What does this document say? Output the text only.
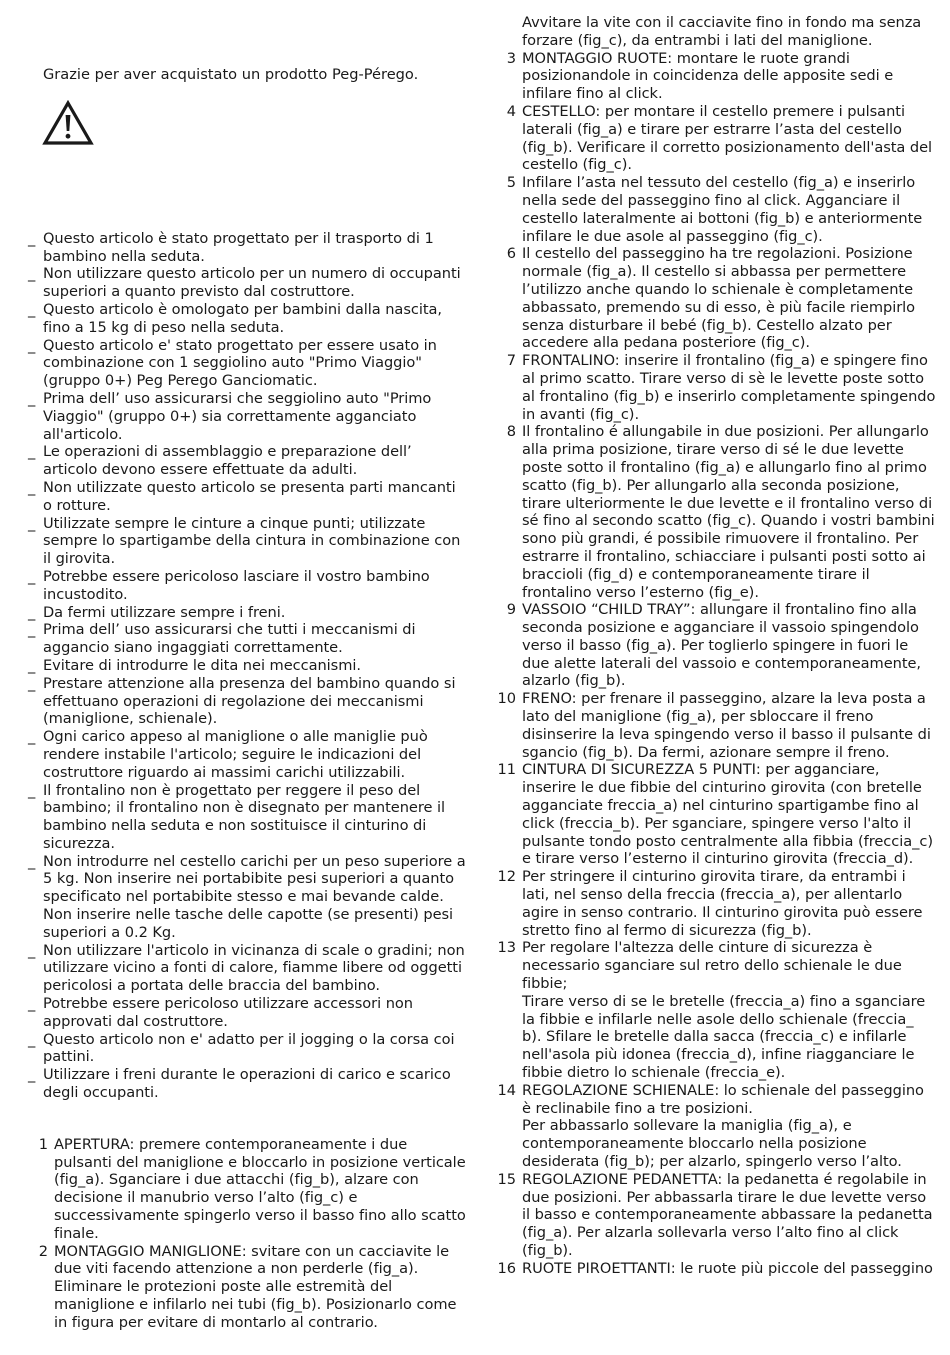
Grazie per aver acquistato un prodotto Peg-Pérego.

_ Questo articolo è stato progettato per il trasporto di 1 bambino nella seduta.
_ Non utilizzare questo articolo per un numero di occupanti superiori a quanto previsto dal costruttore.
_ Questo articolo è omologato per bambini dalla nascita, fino a 15 kg di peso nella seduta.
_ Questo articolo e' stato progettato per essere usato in combinazione con 1 seggiolino auto "Primo Viaggio" (gruppo 0+) Peg Perego Ganciomatic.
_ Prima dell’ uso assicurarsi che seggiolino auto "Primo Viaggio" (gruppo 0+) sia correttamente agganciato all'articolo.
_ Le operazioni di assemblaggio e preparazione dell’ articolo devono essere effettuate da adulti.
_ Non utilizzate questo articolo se presenta parti mancanti o rotture.
_ Utilizzate sempre le cinture a cinque punti; utilizzate sempre lo spartigambe della cintura in combinazione con il girovita.
_ Potrebbe essere pericoloso lasciare il vostro bambino incustodito.
_ Da fermi utilizzare sempre i freni.
_ Prima dell’ uso assicurarsi che tutti i meccanismi di aggancio siano ingaggiati correttamente.
_ Evitare di introdurre le dita nei meccanismi.
_ Prestare attenzione alla presenza del bambino quando si effettuano operazioni di regolazione dei meccanismi (maniglione, schienale).
_ Ogni carico appeso al maniglione o alle maniglie può rendere instabile l'articolo; seguire le indicazioni del costruttore riguardo ai massimi carichi utilizzabili.
_ Il frontalino non è progettato per reggere il peso del bambino; il frontalino non è disegnato per mantenere il bambino nella seduta e non sostituisce il cinturino di sicurezza.
_ Non introdurre nel cestello carichi per un peso superiore a 5 kg. Non inserire nei portabibite pesi superiori a quanto specificato nel portabibite stesso e mai bevande calde. Non inserire nelle tasche delle capotte (se presenti) pesi superiori a 0.2 Kg.
_ Non utilizzare l'articolo in vicinanza di scale o gradini; non utilizzare vicino a fonti di calore, fiamme libere od oggetti pericolosi a portata delle braccia del bambino.
_ Potrebbe essere pericoloso utilizzare accessori non approvati dal costruttore.
_ Questo articolo non e' adatto per il jogging o la corsa coi pattini.
_ Utilizzare i freni durante le operazioni di carico e scarico degli occupanti.
1 APERTURA: premere contemporaneamente i due pulsanti del maniglione e bloccarlo in posizione verticale (fig_a). Sganciare i due attacchi (fig_b), alzare con decisione il manubrio verso l’alto (fig_c) e successivamente spingerlo verso il basso fino allo scatto finale.
2 MONTAGGIO MANIGLIONE: svitare con un cacciavite le due viti facendo attenzione a non perderle (fig_a). Eliminare le protezioni poste alle estremità del maniglione e infilarlo nei tubi (fig_b). Posizionarlo come in figura per evitare di montarlo al contrario.
Avvitare la vite con il cacciavite fino in fondo ma senza forzare (fig_c), da entrambi i lati del maniglione.
3 MONTAGGIO RUOTE: montare le ruote grandi posizionandole in coincidenza delle apposite sedi e infilare fino al click.
4 CESTELLO: per montare il cestello premere i pulsanti laterali (fig_a) e tirare per estrarre l’asta del cestello (fig_b). Verificare il corretto posizionamento dell'asta del cestello (fig_c).
5 Infilare l’asta nel tessuto del cestello (fig_a) e inserirlo nella sede del passeggino fino al click. Agganciare il cestello lateralmente ai bottoni (fig_b) e anteriormente infilare le due asole al passeggino (fig_c).
6 Il cestello del passeggino ha tre regolazioni. Posizione normale (fig_a). Il cestello si abbassa per permettere l’utilizzo anche quando lo schienale è completamente abbassato, premendo su di esso, è più facile riempirlo senza disturbare il bebé (fig_b). Cestello alzato per accedere alla pedana posteriore (fig_c).
7 FRONTALINO: inserire il frontalino (fig_a) e spingere fino al primo scatto. Tirare verso di sè le levette poste sotto al frontalino (fig_b) e inserirlo completamente spingendo in avanti (fig_c).
8 Il frontalino é allungabile in due posizioni. Per allungarlo alla prima posizione, tirare verso di sé le due levette poste sotto il frontalino (fig_a) e allungarlo fino al primo scatto (fig_b). Per allungarlo alla seconda posizione, tirare ulteriormente le due levette e il frontalino verso di sé fino al secondo scatto (fig_c). Quando i vostri bambini sono più grandi, é possibile rimuovere il frontalino. Per estrarre il frontalino, schiacciare i pulsanti posti sotto ai braccioli (fig_d) e contemporaneamente tirare il frontalino verso l’esterno (fig_e).
9 VASSOIO “CHILD TRAY”: allungare il frontalino fino alla seconda posizione e agganciare il vassoio spingendolo verso il basso (fig_a). Per toglierlo spingere in fuori le due alette laterali del vassoio e contemporaneamente, alzarlo (fig_b).
10 FRENO: per frenare il passeggino, alzare la leva posta a lato del maniglione (fig_a), per sbloccare il freno disinserire la leva spingendo verso il basso il pulsante di sgancio (fig_b). Da fermi, azionare sempre il freno.
11 CINTURA DI SICUREZZA 5 PUNTI: per agganciare, inserire le due fibbie del cinturino girovita (con bretelle agganciate freccia_a) nel cinturino spartigambe fino al click (freccia_b). Per sganciare, spingere verso l'alto il pulsante tondo posto centralmente alla fibbia (freccia_c) e tirare verso l’esterno il cinturino girovita (freccia_d).
12 Per stringere il cinturino girovita tirare, da entrambi i lati, nel senso della freccia (freccia_a), per allentarlo agire in senso contrario. Il cinturino girovita può essere stretto fino al fermo di sicurezza (fig_b).
13 Per regolare l'altezza delle cinture di sicurezza è necessario sganciare sul retro dello schienale le due fibbie;
Tirare verso di se le bretelle (freccia_a) fino a sganciare la fibbie e infilarle nelle asole dello schienale (freccia_ b). Sfilare le bretelle dalla sacca (freccia_c) e infilarle nell'asola più idonea (freccia_d), infine riagganciare le fibbie dietro lo schienale (freccia_e).
14 REGOLAZIONE SCHIENALE: lo schienale del passeggino è reclinabile fino a tre posizioni.
Per abbassarlo sollevare la maniglia (fig_a), e contemporaneamente bloccarlo nella posizione desiderata (fig_b); per alzarlo, spingerlo verso l’alto.
15 REGOLAZIONE PEDANETTA: la pedanetta é regolabile in due posizioni. Per abbassarla tirare le due levette verso il basso e contemporaneamente abbassare la pedanetta (fig_a). Per alzarla sollevarla verso l’alto fino al click (fig_b).
16 RUOTE PIROETTANTI: le ruote più piccole del passeggino
